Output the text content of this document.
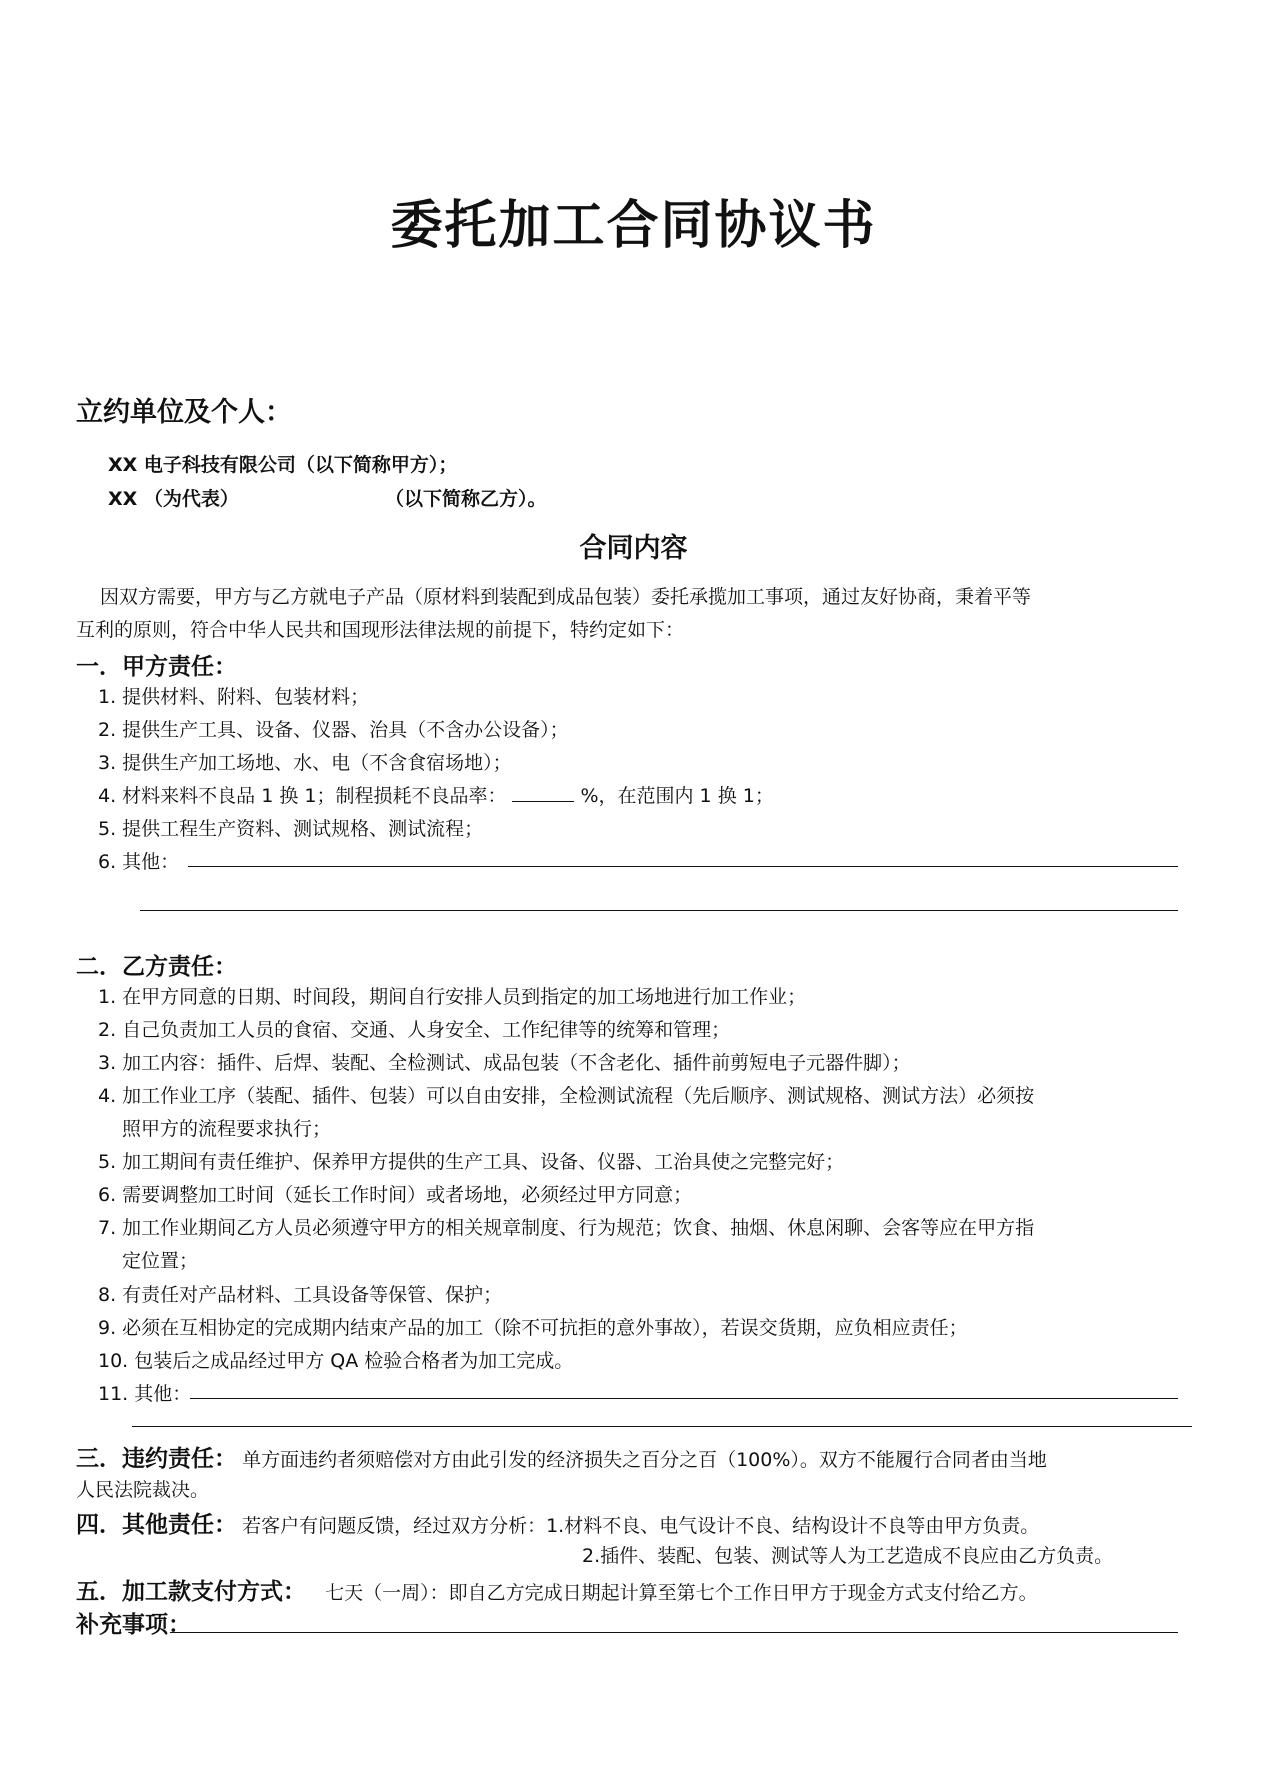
委托加工合同协议书
立约单位及个人：
XX 电子科技有限公司（以下简称甲方）；
XX （为代表）	（以下简称乙方）。
合同内容
因双方需要，甲方与乙方就电子产品（原材料到装配到成品包装）委托承揽加工事项，通过友好协商，秉着平等
互利的原则，符合中华人民共和国现形法律法规的前提下，特约定如下：
一．甲方责任：
1. 提供材料、附料、包装材料；
2. 提供生产工具、设备、仪器、治具（不含办公设备）；
3. 提供生产加工场地、水、电（不含食宿场地）；
4. 材料来料不良品 1 换 1；制程损耗不良品率：	%，在范围内 1 换 1；
5. 提供工程生产资料、测试规格、测试流程；
6. 其他：
二．乙方责任：
1. 在甲方同意的日期、时间段，期间自行安排人员到指定的加工场地进行加工作业；
2. 自己负责加工人员的食宿、交通、人身安全、工作纪律等的统筹和管理；
3. 加工内容：插件、后焊、装配、全检测试、成品包装（不含老化、插件前剪短电子元器件脚）；
4. 加工作业工序（装配、插件、包装）可以自由安排，全检测试流程（先后顺序、测试规格、测试方法）必须按
照甲方的流程要求执行；
5. 加工期间有责任维护、保养甲方提供的生产工具、设备、仪器、工治具使之完整完好；
6. 需要调整加工时间（延长工作时间）或者场地，必须经过甲方同意；
7. 加工作业期间乙方人员必须遵守甲方的相关规章制度、行为规范；饮食、抽烟、休息闲聊、会客等应在甲方指
定位置；
8. 有责任对产品材料、工具设备等保管、保护；
9. 必须在互相协定的完成期内结束产品的加工（除不可抗拒的意外事故），若误交货期，应负相应责任；
10. 包装后之成品经过甲方 QA 检验合格者为加工完成。
11. 其他：
三．违约责任： 单方面违约者须赔偿对方由此引发的经济损失之百分之百（100%）。双方不能履行合同者由当地
人民法院裁决。
四．其他责任： 若客户有问题反馈，经过双方分析：1.材料不良、电气设计不良、结构设计不良等由甲方负责。
2.插件、装配、包装、测试等人为工艺造成不良应由乙方负责。
五．加工款支付方式： 七天（一周）：即自乙方完成日期起计算至第七个工作日甲方于现金方式支付给乙方。
补充事项：
